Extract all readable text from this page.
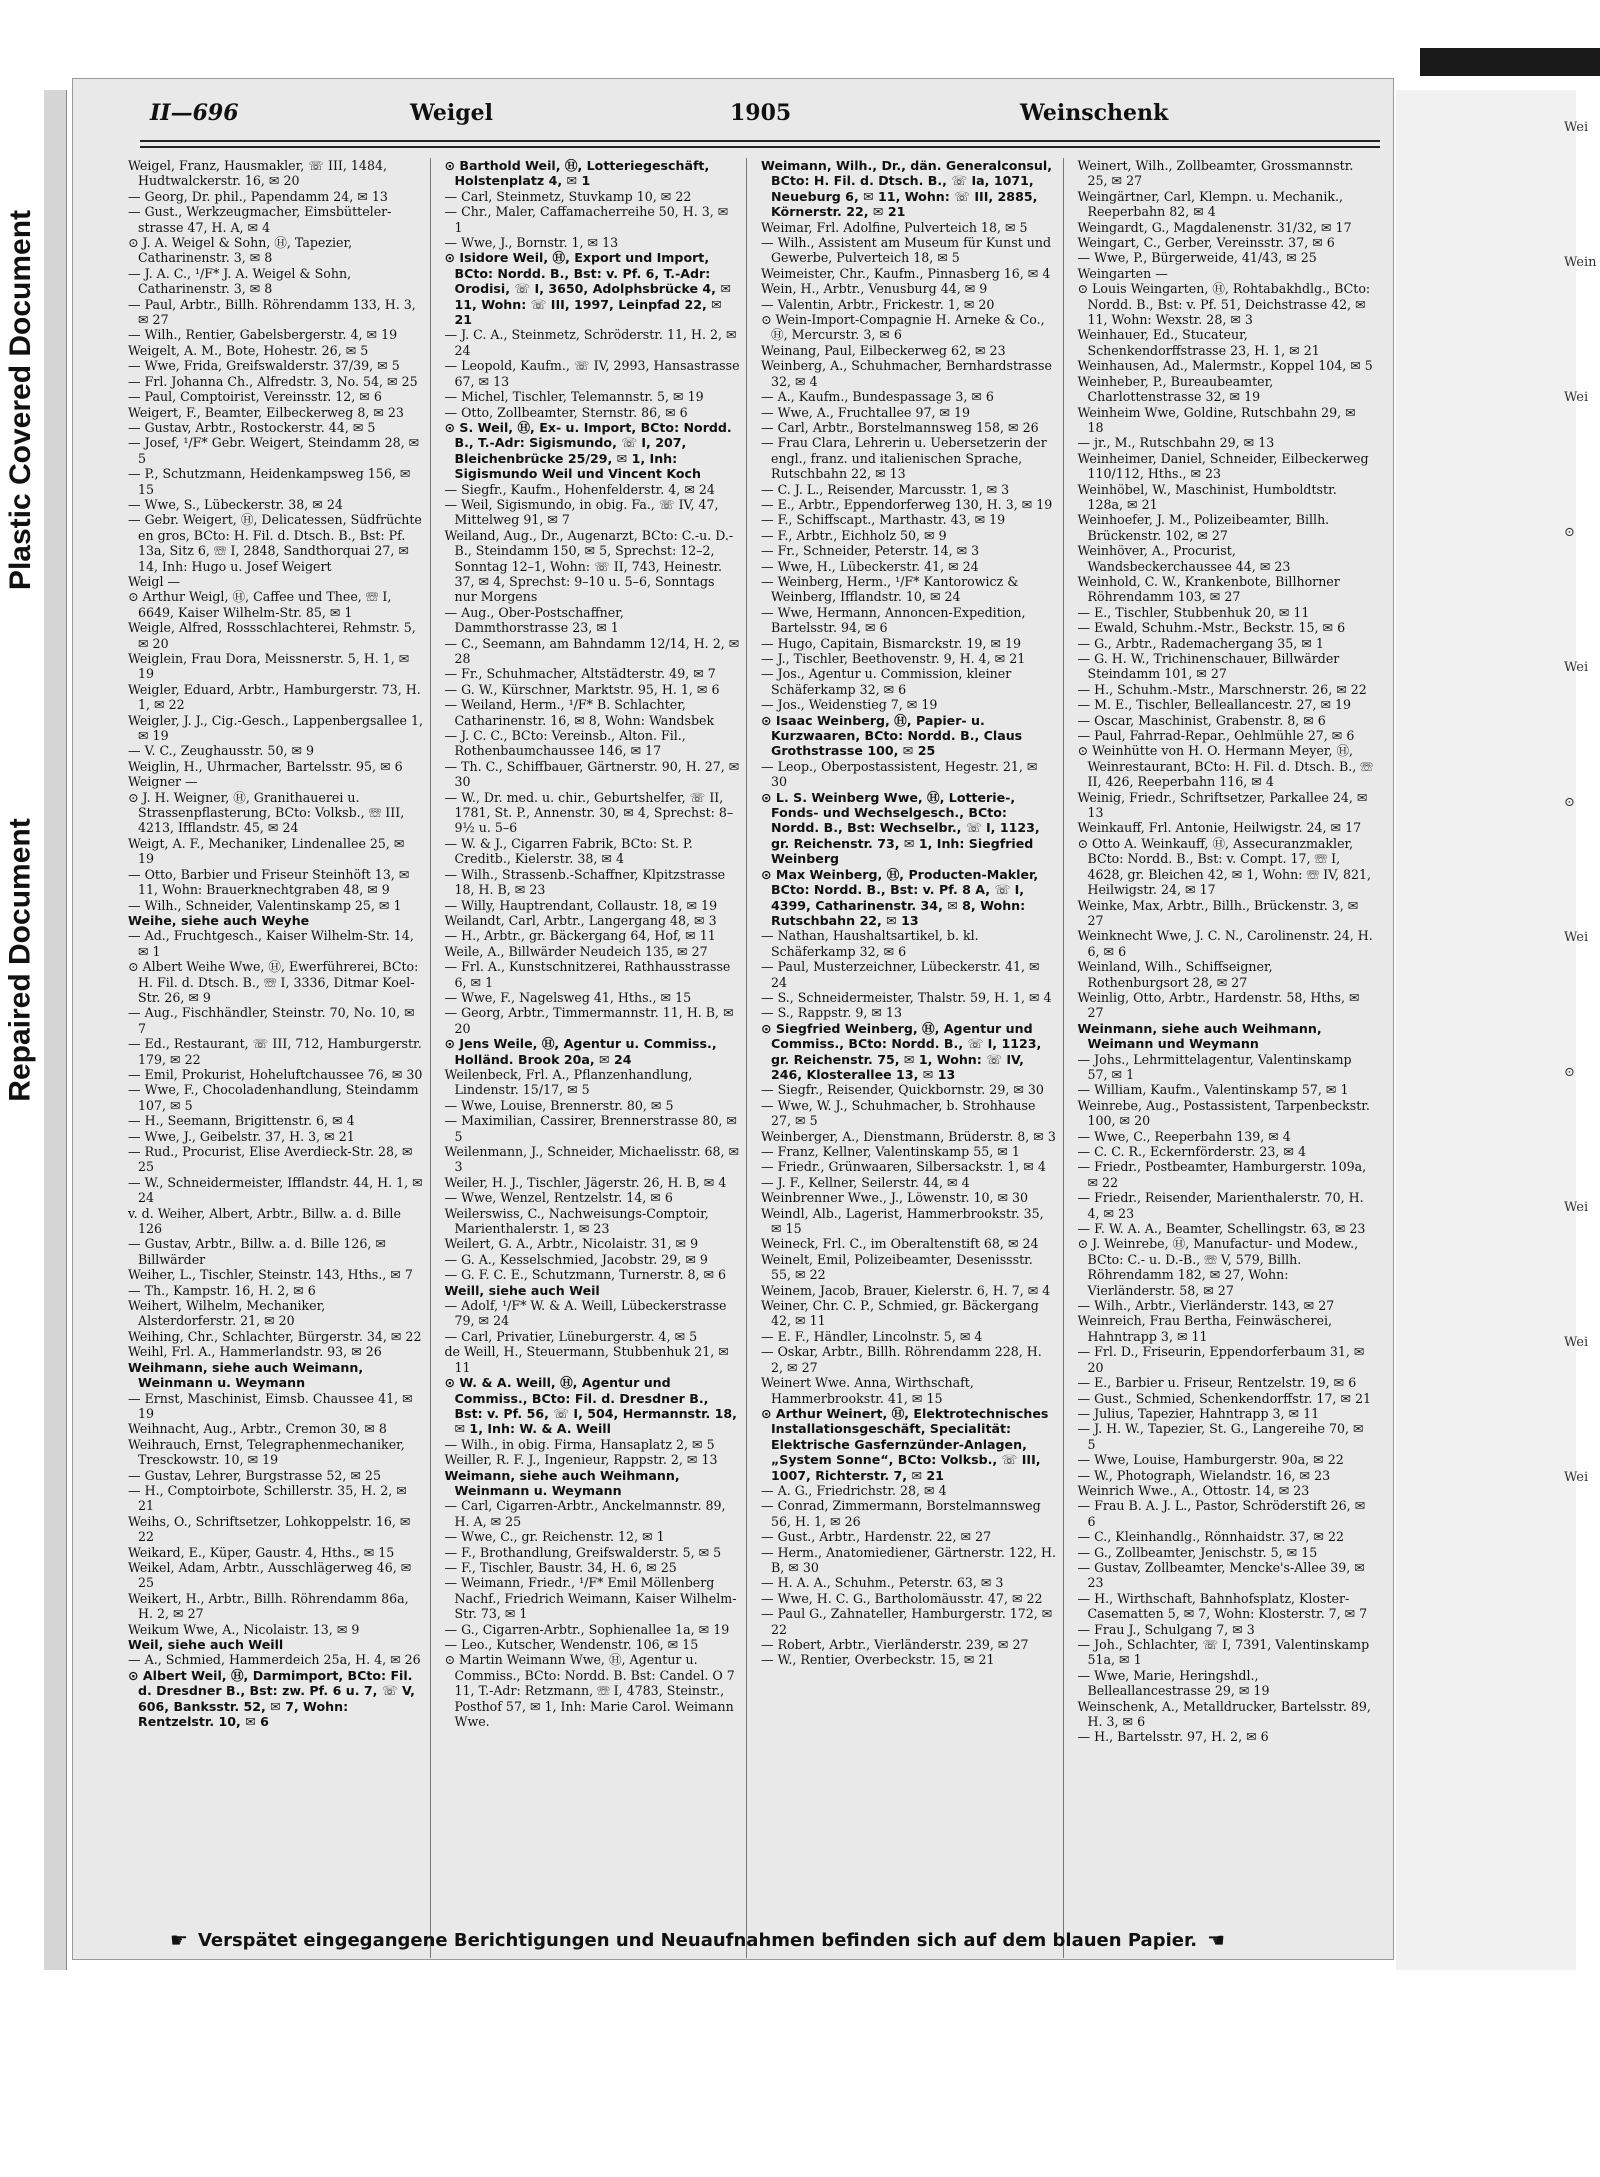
Plastic Covered Document
Repaired Document
Wei
Wein
Wei
⊙
Wei
⊙
Wei
⊙
Wei
Wei
Wei
II—696	Weigel	1905	Weinschenk
Weigel, Franz, Hausmakler, ☏ III, 1484, Hudtwalckerstr. 16, ✉ 20
— Georg, Dr. phil., Papendamm 24, ✉ 13
— Gust., Werkzeugmacher, Eimsbütteler-strasse 47, H. A, ✉ 4
⊙ J. A. Weigel & Sohn, Ⓗ, Tapezier, Catharinenstr. 3, ✉ 8
— J. A. C., ¹/F* J. A. Weigel & Sohn, Catharinenstr. 3, ✉ 8
— Paul, Arbtr., Billh. Röhrendamm 133, H. 3, ✉ 27
— Wilh., Rentier, Gabelsbergerstr. 4, ✉ 19
Weigelt, A. M., Bote, Hohestr. 26, ✉ 5
— Wwe, Frida, Greifswalderstr. 37/39, ✉ 5
— Frl. Johanna Ch., Alfredstr. 3, No. 54, ✉ 25
— Paul, Comptoirist, Vereinsstr. 12, ✉ 6
Weigert, F., Beamter, Eilbeckerweg 8, ✉ 23
— Gustav, Arbtr., Rostockerstr. 44, ✉ 5
— Josef, ¹/F* Gebr. Weigert, Steindamm 28, ✉ 5
— P., Schutzmann, Heidenkampsweg 156, ✉ 15
— Wwe, S., Lübeckerstr. 38, ✉ 24
— Gebr. Weigert, Ⓗ, Delicatessen, Südfrüchte en gros, BCto: H. Fil. d. Dtsch. B., Bst: Pf. 13a, Sitz 6, ☏ I, 2848, Sandthorquai 27, ✉ 14, Inh: Hugo u. Josef Weigert
Weigl —
⊙ Arthur Weigl, Ⓗ, Caffee und Thee, ☏ I, 6649, Kaiser Wilhelm-Str. 85, ✉ 1
Weigle, Alfred, Rossschlachterei, Rehmstr. 5, ✉ 20
Weiglein, Frau Dora, Meissnerstr. 5, H. 1, ✉ 19
Weigler, Eduard, Arbtr., Hamburgerstr. 73, H. 1, ✉ 22
Weigler, J. J., Cig.-Gesch., Lappenbergsallee 1, ✉ 19
— V. C., Zeughausstr. 50, ✉ 9
Weiglin, H., Uhrmacher, Bartelsstr. 95, ✉ 6
Weigner —
⊙ J. H. Weigner, Ⓗ, Granithauerei u. Strassenpflasterung, BCto: Volksb., ☏ III, 4213, Ifflandstr. 45, ✉ 24
Weigt, A. F., Mechaniker, Lindenallee 25, ✉ 19
— Otto, Barbier und Friseur Steinhöft 13, ✉ 11, Wohn: Brauerknechtgraben 48, ✉ 9
— Wilh., Schneider, Valentinskamp 25, ✉ 1
Weihe, siehe auch Weyhe
— Ad., Fruchtgesch., Kaiser Wilhelm-Str. 14, ✉ 1
⊙ Albert Weihe Wwe, Ⓗ, Ewerführerei, BCto: H. Fil. d. Dtsch. B., ☏ I, 3336, Ditmar Koel-Str. 26, ✉ 9
— Aug., Fischhändler, Steinstr. 70, No. 10, ✉ 7
— Ed., Restaurant, ☏ III, 712, Hamburgerstr. 179, ✉ 22
— Emil, Prokurist, Hoheluftchaussee 76, ✉ 30
— Wwe, F., Chocoladenhandlung, Steindamm 107, ✉ 5
— H., Seemann, Brigittenstr. 6, ✉ 4
— Wwe, J., Geibelstr. 37, H. 3, ✉ 21
— Rud., Procurist, Elise Averdieck-Str. 28, ✉ 25
— W., Schneidermeister, Ifflandstr. 44, H. 1, ✉ 24
v. d. Weiher, Albert, Arbtr., Billw. a. d. Bille 126
— Gustav, Arbtr., Billw. a. d. Bille 126, ✉ Billwärder
Weiher, L., Tischler, Steinstr. 143, Hths., ✉ 7
— Th., Kampstr. 16, H. 2, ✉ 6
Weihert, Wilhelm, Mechaniker, Alsterdorferstr. 21, ✉ 20
Weihing, Chr., Schlachter, Bürgerstr. 34, ✉ 22
Weihl, Frl. A., Hammerlandstr. 93, ✉ 26
Weihmann, siehe auch Weimann, Weinmann u. Weymann
— Ernst, Maschinist, Eimsb. Chaussee 41, ✉ 19
Weihnacht, Aug., Arbtr., Cremon 30, ✉ 8
Weihrauch, Ernst, Telegraphenmechaniker, Tresckowstr. 10, ✉ 19
— Gustav, Lehrer, Burgstrasse 52, ✉ 25
— H., Comptoirbote, Schillerstr. 35, H. 2, ✉ 21
Weihs, O., Schriftsetzer, Lohkoppelstr. 16, ✉ 22
Weikard, E., Küper, Gaustr. 4, Hths., ✉ 15
Weikel, Adam, Arbtr., Ausschlägerweg 46, ✉ 25
Weikert, H., Arbtr., Billh. Röhrendamm 86a, H. 2, ✉ 27
Weikum Wwe, A., Nicolaistr. 13, ✉ 9
Weil, siehe auch Weill
— A., Schmied, Hammerdeich 25a, H. 4, ✉ 26
⊙ Albert Weil, Ⓗ, Darmimport, BCto: Fil. d. Dresdner B., Bst: zw. Pf. 6 u. 7, ☏ V, 606, Banksstr. 52, ✉ 7, Wohn: Rentzelstr. 10, ✉ 6
⊙ Barthold Weil, Ⓗ, Lotteriegeschäft, Holstenplatz 4, ✉ 1
— Carl, Steinmetz, Stuvkamp 10, ✉ 22
— Chr., Maler, Caffamacherreihe 50, H. 3, ✉ 1
— Wwe, J., Bornstr. 1, ✉ 13
⊙ Isidore Weil, Ⓗ, Export und Import, BCto: Nordd. B., Bst: v. Pf. 6, T.-Adr: Orodisi, ☏ I, 3650, Adolphsbrücke 4, ✉ 11, Wohn: ☏ III, 1997, Leinpfad 22, ✉ 21
— J. C. A., Steinmetz, Schröderstr. 11, H. 2, ✉ 24
— Leopold, Kaufm., ☏ IV, 2993, Hansastrasse 67, ✉ 13
— Michel, Tischler, Telemannstr. 5, ✉ 19
— Otto, Zollbeamter, Sternstr. 86, ✉ 6
⊙ S. Weil, Ⓗ, Ex- u. Import, BCto: Nordd. B., T.-Adr: Sigismundo, ☏ I, 207, Bleichenbrücke 25/29, ✉ 1, Inh: Sigismundo Weil und Vincent Koch
— Siegfr., Kaufm., Hohenfelderstr. 4, ✉ 24
— Weil, Sigismundo, in obig. Fa., ☏ IV, 47, Mittelweg 91, ✉ 7
Weiland, Aug., Dr., Augenarzt, BCto: C.-u. D.-B., Steindamm 150, ✉ 5, Sprechst: 12–2, Sonntag 12–1, Wohn: ☏ II, 743, Heinestr. 37, ✉ 4, Sprechst: 9–10 u. 5–6, Sonntags nur Morgens
— Aug., Ober-Postschaffner, Dammthorstrasse 23, ✉ 1
— C., Seemann, am Bahndamm 12/14, H. 2, ✉ 28
— Fr., Schuhmacher, Altstädterstr. 49, ✉ 7
— G. W., Kürschner, Marktstr. 95, H. 1, ✉ 6
— Weiland, Herm., ¹/F* B. Schlachter, Catharinenstr. 16, ✉ 8, Wohn: Wandsbek
— J. C. C., BCto: Vereinsb., Alton. Fil., Rothenbaumchaussee 146, ✉ 17
— Th. C., Schiffbauer, Gärtnerstr. 90, H. 27, ✉ 30
— W., Dr. med. u. chir., Geburtshelfer, ☏ II, 1781, St. P., Annenstr. 30, ✉ 4, Sprechst: 8–9½ u. 5–6
— W. & J., Cigarren Fabrik, BCto: St. P. Creditb., Kielerstr. 38, ✉ 4
— Wilh., Strassenb.-Schaffner, Klpitzstrasse 18, H. B, ✉ 23
— Willy, Hauptrendant, Collaustr. 18, ✉ 19
Weilandt, Carl, Arbtr., Langergang 48, ✉ 3
— H., Arbtr., gr. Bäckergang 64, Hof, ✉ 11
Weile, A., Billwärder Neudeich 135, ✉ 27
— Frl. A., Kunstschnitzerei, Rathhausstrasse 6, ✉ 1
— Wwe, F., Nagelsweg 41, Hths., ✉ 15
— Georg, Arbtr., Timmermannstr. 11, H. B, ✉ 20
⊙ Jens Weile, Ⓗ, Agentur u. Commiss., Holländ. Brook 20a, ✉ 24
Weilenbeck, Frl. A., Pflanzenhandlung, Lindenstr. 15/17, ✉ 5
— Wwe, Louise, Brennerstr. 80, ✉ 5
— Maximilian, Cassirer, Brennerstrasse 80, ✉ 5
Weilenmann, J., Schneider, Michaelisstr. 68, ✉ 3
Weiler, H. J., Tischler, Jägerstr. 26, H. B, ✉ 4
— Wwe, Wenzel, Rentzelstr. 14, ✉ 6
Weilerswiss, C., Nachweisungs-Comptoir, Marienthalerstr. 1, ✉ 23
Weilert, G. A., Arbtr., Nicolaistr. 31, ✉ 9
— G. A., Kesselschmied, Jacobstr. 29, ✉ 9
— G. F. C. E., Schutzmann, Turnerstr. 8, ✉ 6
Weill, siehe auch Weil
— Adolf, ¹/F* W. & A. Weill, Lübeckerstrasse 79, ✉ 24
— Carl, Privatier, Lüneburgerstr. 4, ✉ 5
de Weill, H., Steuermann, Stubbenhuk 21, ✉ 11
⊙ W. & A. Weill, Ⓗ, Agentur und Commiss., BCto: Fil. d. Dresdner B., Bst: v. Pf. 56, ☏ I, 504, Hermannstr. 18, ✉ 1, Inh: W. & A. Weill
— Wilh., in obig. Firma, Hansaplatz 2, ✉ 5
Weiller, R. F. J., Ingenieur, Rappstr. 2, ✉ 13
Weimann, siehe auch Weihmann, Weinmann u. Weymann
— Carl, Cigarren-Arbtr., Anckelmannstr. 89, H. A, ✉ 25
— Wwe, C., gr. Reichenstr. 12, ✉ 1
— F., Brothandlung, Greifswalderstr. 5, ✉ 5
— F., Tischler, Baustr. 34, H. 6, ✉ 25
— Weimann, Friedr., ¹/F* Emil Möllenberg Nachf., Friedrich Weimann, Kaiser Wilhelm-Str. 73, ✉ 1
— G., Cigarren-Arbtr., Sophienallee 1a, ✉ 19
— Leo., Kutscher, Wendenstr. 106, ✉ 15
⊙ Martin Weimann Wwe, Ⓗ, Agentur u. Commiss., BCto: Nordd. B. Bst: Candel. O 7 11, T.-Adr: Retzmann, ☏ I, 4783, Steinstr., Posthof 57, ✉ 1, Inh: Marie Carol. Weimann Wwe.
Weimann, Wilh., Dr., dän. Generalconsul, BCto: H. Fil. d. Dtsch. B., ☏ Ia, 1071, Neueburg 6, ✉ 11, Wohn: ☏ III, 2885, Körnerstr. 22, ✉ 21
Weimar, Frl. Adolfine, Pulverteich 18, ✉ 5
— Wilh., Assistent am Museum für Kunst und Gewerbe, Pulverteich 18, ✉ 5
Weimeister, Chr., Kaufm., Pinnasberg 16, ✉ 4
Wein, H., Arbtr., Venusburg 44, ✉ 9
— Valentin, Arbtr., Frickestr. 1, ✉ 20
⊙ Wein-Import-Compagnie H. Arneke & Co., Ⓗ, Mercurstr. 3, ✉ 6
Weinang, Paul, Eilbeckerweg 62, ✉ 23
Weinberg, A., Schuhmacher, Bernhardstrasse 32, ✉ 4
— A., Kaufm., Bundespassage 3, ✉ 6
— Wwe, A., Fruchtallee 97, ✉ 19
— Carl, Arbtr., Borstelmannsweg 158, ✉ 26
— Frau Clara, Lehrerin u. Uebersetzerin der engl., franz. und italienischen Sprache, Rutschbahn 22, ✉ 13
— C. J. L., Reisender, Marcusstr. 1, ✉ 3
— E., Arbtr., Eppendorferweg 130, H. 3, ✉ 19
— F., Schiffscapt., Marthastr. 43, ✉ 19
— F., Arbtr., Eichholz 50, ✉ 9
— Fr., Schneider, Peterstr. 14, ✉ 3
— Wwe, H., Lübeckerstr. 41, ✉ 24
— Weinberg, Herm., ¹/F* Kantorowicz & Weinberg, Ifflandstr. 10, ✉ 24
— Wwe, Hermann, Annoncen-Expedition, Bartelsstr. 94, ✉ 6
— Hugo, Capitain, Bismarckstr. 19, ✉ 19
— J., Tischler, Beethovenstr. 9, H. 4, ✉ 21
— Jos., Agentur u. Commission, kleiner Schäferkamp 32, ✉ 6
— Jos., Weidenstieg 7, ✉ 19
⊙ Isaac Weinberg, Ⓗ, Papier- u. Kurzwaaren, BCto: Nordd. B., Claus Grothstrasse 100, ✉ 25
— Leop., Oberpostassistent, Hegestr. 21, ✉ 30
⊙ L. S. Weinberg Wwe, Ⓗ, Lotterie-, Fonds- und Wechselgesch., BCto: Nordd. B., Bst: Wechselbr., ☏ I, 1123, gr. Reichenstr. 73, ✉ 1, Inh: Siegfried Weinberg
⊙ Max Weinberg, Ⓗ, Producten-Makler, BCto: Nordd. B., Bst: v. Pf. 8 A, ☏ I, 4399, Catharinenstr. 34, ✉ 8, Wohn: Rutschbahn 22, ✉ 13
— Nathan, Haushaltsartikel, b. kl. Schäferkamp 32, ✉ 6
— Paul, Musterzeichner, Lübeckerstr. 41, ✉ 24
— S., Schneidermeister, Thalstr. 59, H. 1, ✉ 4
— S., Rappstr. 9, ✉ 13
⊙ Siegfried Weinberg, Ⓗ, Agentur und Commiss., BCto: Nordd. B., ☏ I, 1123, gr. Reichenstr. 75, ✉ 1, Wohn: ☏ IV, 246, Klosterallee 13, ✉ 13
— Siegfr., Reisender, Quickbornstr. 29, ✉ 30
— Wwe, W. J., Schuhmacher, b. Strohhause 27, ✉ 5
Weinberger, A., Dienstmann, Brüderstr. 8, ✉ 3
— Franz, Kellner, Valentinskamp 55, ✉ 1
— Friedr., Grünwaaren, Silbersackstr. 1, ✉ 4
— J. F., Kellner, Seilerstr. 44, ✉ 4
Weinbrenner Wwe., J., Löwenstr. 10, ✉ 30
Weindl, Alb., Lagerist, Hammerbrookstr. 35, ✉ 15
Weineck, Frl. C., im Oberaltenstift 68, ✉ 24
Weinelt, Emil, Polizeibeamter, Desenissstr. 55, ✉ 22
Weinem, Jacob, Brauer, Kielerstr. 6, H. 7, ✉ 4
Weiner, Chr. C. P., Schmied, gr. Bäckergang 42, ✉ 11
— E. F., Händler, Lincolnstr. 5, ✉ 4
— Oskar, Arbtr., Billh. Röhrendamm 228, H. 2, ✉ 27
Weinert Wwe. Anna, Wirthschaft, Hammerbrookstr. 41, ✉ 15
⊙ Arthur Weinert, Ⓗ, Elektrotechnisches Installationsgeschäft, Specialität: Elektrische Gasfernzünder-Anlagen, „System Sonne“, BCto: Volksb., ☏ III, 1007, Richterstr. 7, ✉ 21
— A. G., Friedrichstr. 28, ✉ 4
— Conrad, Zimmermann, Borstelmannsweg 56, H. 1, ✉ 26
— Gust., Arbtr., Hardenstr. 22, ✉ 27
— Herm., Anatomiediener, Gärtnerstr. 122, H. B, ✉ 30
— H. A. A., Schuhm., Peterstr. 63, ✉ 3
— Wwe, H. C. G., Bartholomäusstr. 47, ✉ 22
— Paul G., Zahnateller, Hamburgerstr. 172, ✉ 22
— Robert, Arbtr., Vierländerstr. 239, ✉ 27
— W., Rentier, Overbeckstr. 15, ✉ 21
Weinert, Wilh., Zollbeamter, Grossmannstr. 25, ✉ 27
Weingärtner, Carl, Klempn. u. Mechanik., Reeperbahn 82, ✉ 4
Weingardt, G., Magdalenenstr. 31/32, ✉ 17
Weingart, C., Gerber, Vereinsstr. 37, ✉ 6
— Wwe, P., Bürgerweide, 41/43, ✉ 25
Weingarten —
⊙ Louis Weingarten, Ⓗ, Rohtabakhdlg., BCto: Nordd. B., Bst: v. Pf. 51, Deichstrasse 42, ✉ 11, Wohn: Wexstr. 28, ✉ 3
Weinhauer, Ed., Stucateur, Schenkendorffstrasse 23, H. 1, ✉ 21
Weinhausen, Ad., Malermstr., Koppel 104, ✉ 5
Weinheber, P., Bureaubeamter, Charlottenstrasse 32, ✉ 19
Weinheim Wwe, Goldine, Rutschbahn 29, ✉ 18
— jr., M., Rutschbahn 29, ✉ 13
Weinheimer, Daniel, Schneider, Eilbeckerweg 110/112, Hths., ✉ 23
Weinhöbel, W., Maschinist, Humboldtstr. 128a, ✉ 21
Weinhoefer, J. M., Polizeibeamter, Billh. Brückenstr. 102, ✉ 27
Weinhöver, A., Procurist, Wandsbeckerchaussee 44, ✉ 23
Weinhold, C. W., Krankenbote, Billhorner Röhrendamm 103, ✉ 27
— E., Tischler, Stubbenhuk 20, ✉ 11
— Ewald, Schuhm.-Mstr., Beckstr. 15, ✉ 6
— G., Arbtr., Rademachergang 35, ✉ 1
— G. H. W., Trichinenschauer, Billwärder Steindamm 101, ✉ 27
— H., Schuhm.-Mstr., Marschnerstr. 26, ✉ 22
— M. E., Tischler, Belleallancestr. 27, ✉ 19
— Oscar, Maschinist, Grabenstr. 8, ✉ 6
— Paul, Fahrrad-Repar., Oehlmühle 27, ✉ 6
⊙ Weinhütte von H. O. Hermann Meyer, Ⓗ, Weinrestaurant, BCto: H. Fil. d. Dtsch. B., ☏ II, 426, Reeperbahn 116, ✉ 4
Weinig, Friedr., Schriftsetzer, Parkallee 24, ✉ 13
Weinkauff, Frl. Antonie, Heilwigstr. 24, ✉ 17
⊙ Otto A. Weinkauff, Ⓗ, Assecuranzmakler, BCto: Nordd. B., Bst: v. Compt. 17, ☏ I, 4628, gr. Bleichen 42, ✉ 1, Wohn: ☏ IV, 821, Heilwigstr. 24, ✉ 17
Weinke, Max, Arbtr., Billh., Brückenstr. 3, ✉ 27
Weinknecht Wwe, J. C. N., Carolinenstr. 24, H. 6, ✉ 6
Weinland, Wilh., Schiffseigner, Rothenburgsort 28, ✉ 27
Weinlig, Otto, Arbtr., Hardenstr. 58, Hths, ✉ 27
Weinmann, siehe auch Weihmann, Weimann und Weymann
— Johs., Lehrmittelagentur, Valentinskamp 57, ✉ 1
— William, Kaufm., Valentinskamp 57, ✉ 1
Weinrebe, Aug., Postassistent, Tarpenbeckstr. 100, ✉ 20
— Wwe, C., Reeperbahn 139, ✉ 4
— C. C. R., Eckernförderstr. 23, ✉ 4
— Friedr., Postbeamter, Hamburgerstr. 109a, ✉ 22
— Friedr., Reisender, Marienthalerstr. 70, H. 4, ✉ 23
— F. W. A. A., Beamter, Schellingstr. 63, ✉ 23
⊙ J. Weinrebe, Ⓗ, Manufactur- und Modew., BCto: C.- u. D.-B., ☏ V, 579, Billh. Röhrendamm 182, ✉ 27, Wohn: Vierländerstr. 58, ✉ 27
— Wilh., Arbtr., Vierländerstr. 143, ✉ 27
Weinreich, Frau Bertha, Feinwäscherei, Hahntrapp 3, ✉ 11
— Frl. D., Friseurin, Eppendorferbaum 31, ✉ 20
— E., Barbier u. Friseur, Rentzelstr. 19, ✉ 6
— Gust., Schmied, Schenkendorffstr. 17, ✉ 21
— Julius, Tapezier, Hahntrapp 3, ✉ 11
— J. H. W., Tapezier, St. G., Langereihe 70, ✉ 5
— Wwe, Louise, Hamburgerstr. 90a, ✉ 22
— W., Photograph, Wielandstr. 16, ✉ 23
Weinrich Wwe., A., Ottostr. 14, ✉ 23
— Frau B. A. J. L., Pastor, Schröderstift 26, ✉ 6
— C., Kleinhandlg., Rönnhaidstr. 37, ✉ 22
— G., Zollbeamter, Jenischstr. 5, ✉ 15
— Gustav, Zollbeamter, Mencke's-Allee 39, ✉ 23
— H., Wirthschaft, Bahnhofsplatz, Kloster-Casematten 5, ✉ 7, Wohn: Klosterstr. 7, ✉ 7
— Frau J., Schulgang 7, ✉ 3
— Joh., Schlachter, ☏ I, 7391, Valentinskamp 51a, ✉ 1
— Wwe, Marie, Heringshdl., Belleallancestrasse 29, ✉ 19
Weinschenk, A., Metalldrucker, Bartelsstr. 89, H. 3, ✉ 6
— H., Bartelsstr. 97, H. 2, ✉ 6
☛ Verspätet eingegangene Berichtigungen und Neuaufnahmen befinden sich auf dem blauen Papier. ☚
